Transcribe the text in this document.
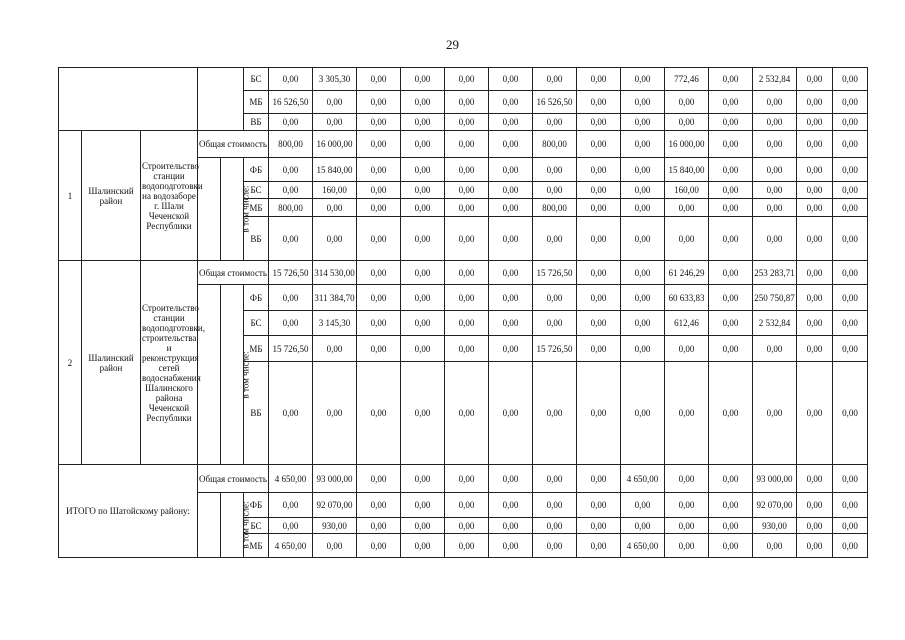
29
					БС	0,00	3 305,30	0,00	0,00	0,00	0,00	0,00	0,00	0,00	772,46	0,00	2 532,84	0,00	0,00
					МБ	16 526,50	0,00	0,00	0,00	0,00	0,00	16 526,50	0,00	0,00	0,00	0,00	0,00	0,00	0,00
					ВБ	0,00	0,00	0,00	0,00	0,00	0,00	0,00	0,00	0,00	0,00	0,00	0,00	0,00	0,00
1	Шалинский район	Строительство станции водоподготовки на водозаборе г. Шали Чеченской Республики	Общая стоимость			800,00	16 000,00	0,00	0,00	0,00	0,00	800,00	0,00	0,00	16 000,00	0,00	0,00	0,00	0,00
				в том числе:	ФБ	0,00	15 840,00	0,00	0,00	0,00	0,00	0,00	0,00	0,00	15 840,00	0,00	0,00	0,00	0,00
					БС	0,00	160,00	0,00	0,00	0,00	0,00	0,00	0,00	0,00	160,00	0,00	0,00	0,00	0,00
					МБ	800,00	0,00	0,00	0,00	0,00	0,00	800,00	0,00	0,00	0,00	0,00	0,00	0,00	0,00
					ВБ	0,00	0,00	0,00	0,00	0,00	0,00	0,00	0,00	0,00	0,00	0,00	0,00	0,00	0,00
2	Шалинский район	Строительство станции водоподготовки, строительства и реконструкция сетей водоснабжения Шалинского района Чеченской Республики	Общая стоимость			15 726,50	314 530,00	0,00	0,00	0,00	0,00	15 726,50	0,00	0,00	61 246,29	0,00	253 283,71	0,00	0,00
				в том числе:	ФБ	0,00	311 384,70	0,00	0,00	0,00	0,00	0,00	0,00	0,00	60 633,83	0,00	250 750,87	0,00	0,00
					БС	0,00	3 145,30	0,00	0,00	0,00	0,00	0,00	0,00	0,00	612,46	0,00	2 532,84	0,00	0,00
					МБ	15 726,50	0,00	0,00	0,00	0,00	0,00	15 726,50	0,00	0,00	0,00	0,00	0,00	0,00	0,00
					ВБ	0,00	0,00	0,00	0,00	0,00	0,00	0,00	0,00	0,00	0,00	0,00	0,00	0,00	0,00
ИТОГО по Шатойскому району:			Общая стоимость			4 650,00	93 000,00	0,00	0,00	0,00	0,00	0,00	0,00	4 650,00	0,00	0,00	93 000,00	0,00	0,00
				в том числе:	ФБ	0,00	92 070,00	0,00	0,00	0,00	0,00	0,00	0,00	0,00	0,00	0,00	92 070,00	0,00	0,00
					БС	0,00	930,00	0,00	0,00	0,00	0,00	0,00	0,00	0,00	0,00	0,00	930,00	0,00	0,00
					МБ	4 650,00	0,00	0,00	0,00	0,00	0,00	0,00	0,00	4 650,00	0,00	0,00	0,00	0,00	0,00
